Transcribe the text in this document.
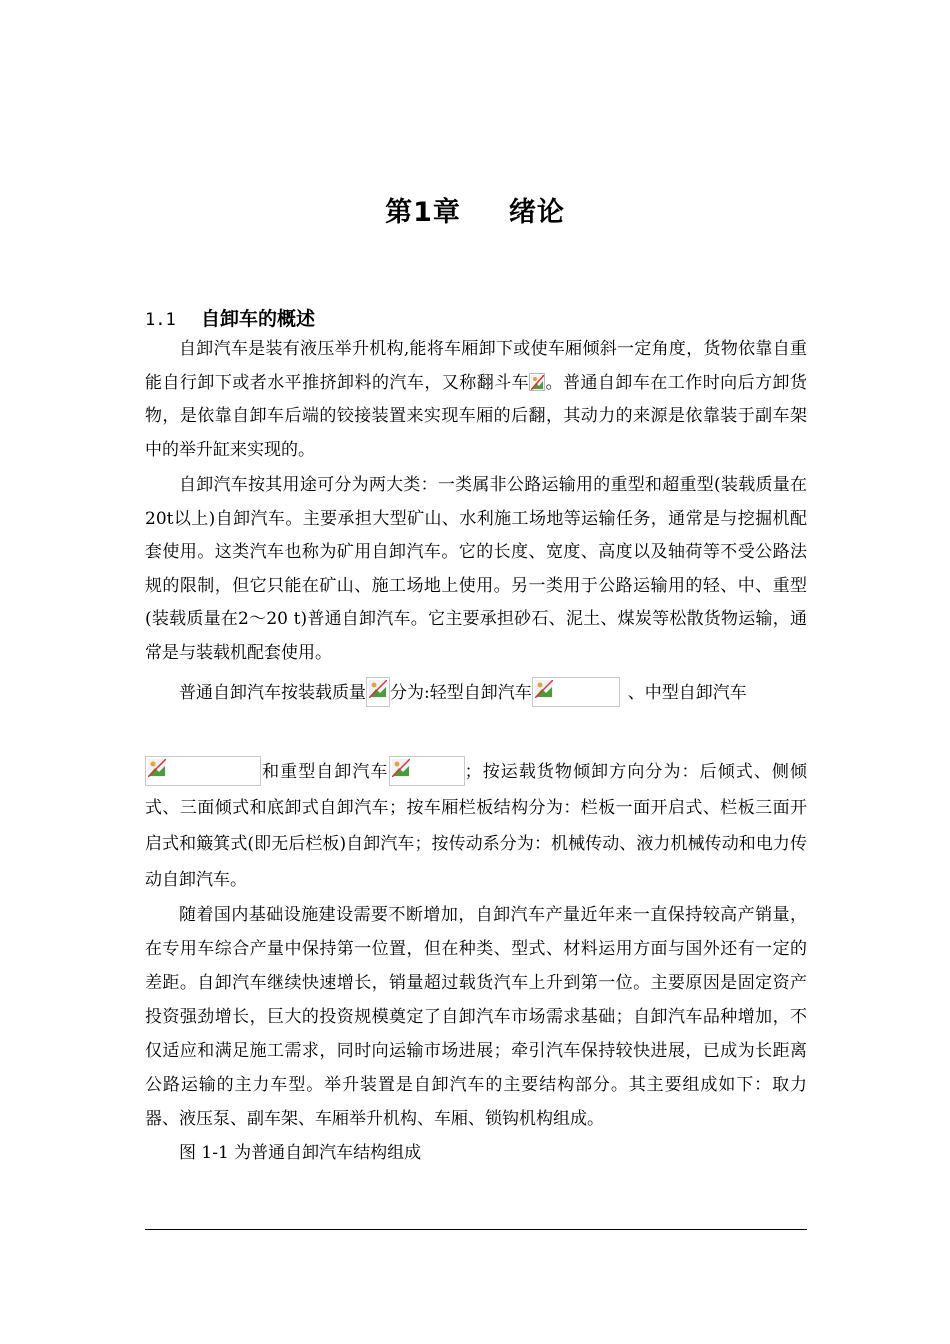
第1章 绪论
1.1 自卸车的概述

自卸汽车是装有液压举升机构,能将车厢卸下或使车厢倾斜一定角度，货物依靠自重能自行卸下或者水平推挤卸料的汽车，又称翻斗车 。普通自卸车在工作时向后方卸货物，是依靠自卸车后端的铰接装置来实现车厢的后翻，其动力的来源是依靠装于副车架中的举升缸来实现的。

自卸汽车按其用途可分为两大类：一类属非公路运输用的重型和超重型(装载质量在20t以上)自卸汽车。主要承担大型矿山、水利施工场地等运输任务，通常是与挖掘机配套使用。这类汽车也称为矿用自卸汽车。它的长度、宽度、高度以及轴荷等不受公路法规的限制，但它只能在矿山、施工场地上使用。另一类用于公路运输用的轻、中、重型(装载质量在2～20 t)普通自卸汽车。它主要承担砂石、泥土、煤炭等松散货物运输，通常是与装载机配套使用。

普通自卸汽车按装载质量 分为:轻型自卸汽车	、中型自卸汽车

和重型自卸汽车	；按运载货物倾卸方向分为：后倾式、侧倾式、三面倾式和底卸式自卸汽车；按车厢栏板结构分为：栏板一面开启式、栏板三面开启式和簸箕式(即无后栏板)自卸汽车；按传动系分为：机械传动、液力机械传动和电力传动自卸汽车。

随着国内基础设施建设需要不断增加，自卸汽车产量近年来一直保持较高产销量，在专用车综合产量中保持第一位置，但在种类、型式、材料运用方面与国外还有一定的差距。自卸汽车继续快速增长，销量超过载货汽车上升到第一位。主要原因是固定资产投资强劲增长，巨大的投资规模奠定了自卸汽车市场需求基础；自卸汽车品种增加，不仅适应和满足施工需求，同时向运输市场进展；牵引汽车保持较快进展，已成为长距离公路运输的主力车型。举升装置是自卸汽车的主要结构部分。其主要组成如下：取力器、液压泵、副车架、车厢举升机构、车厢、锁钩机构组成。

图 1-1 为普通自卸汽车结构组成
